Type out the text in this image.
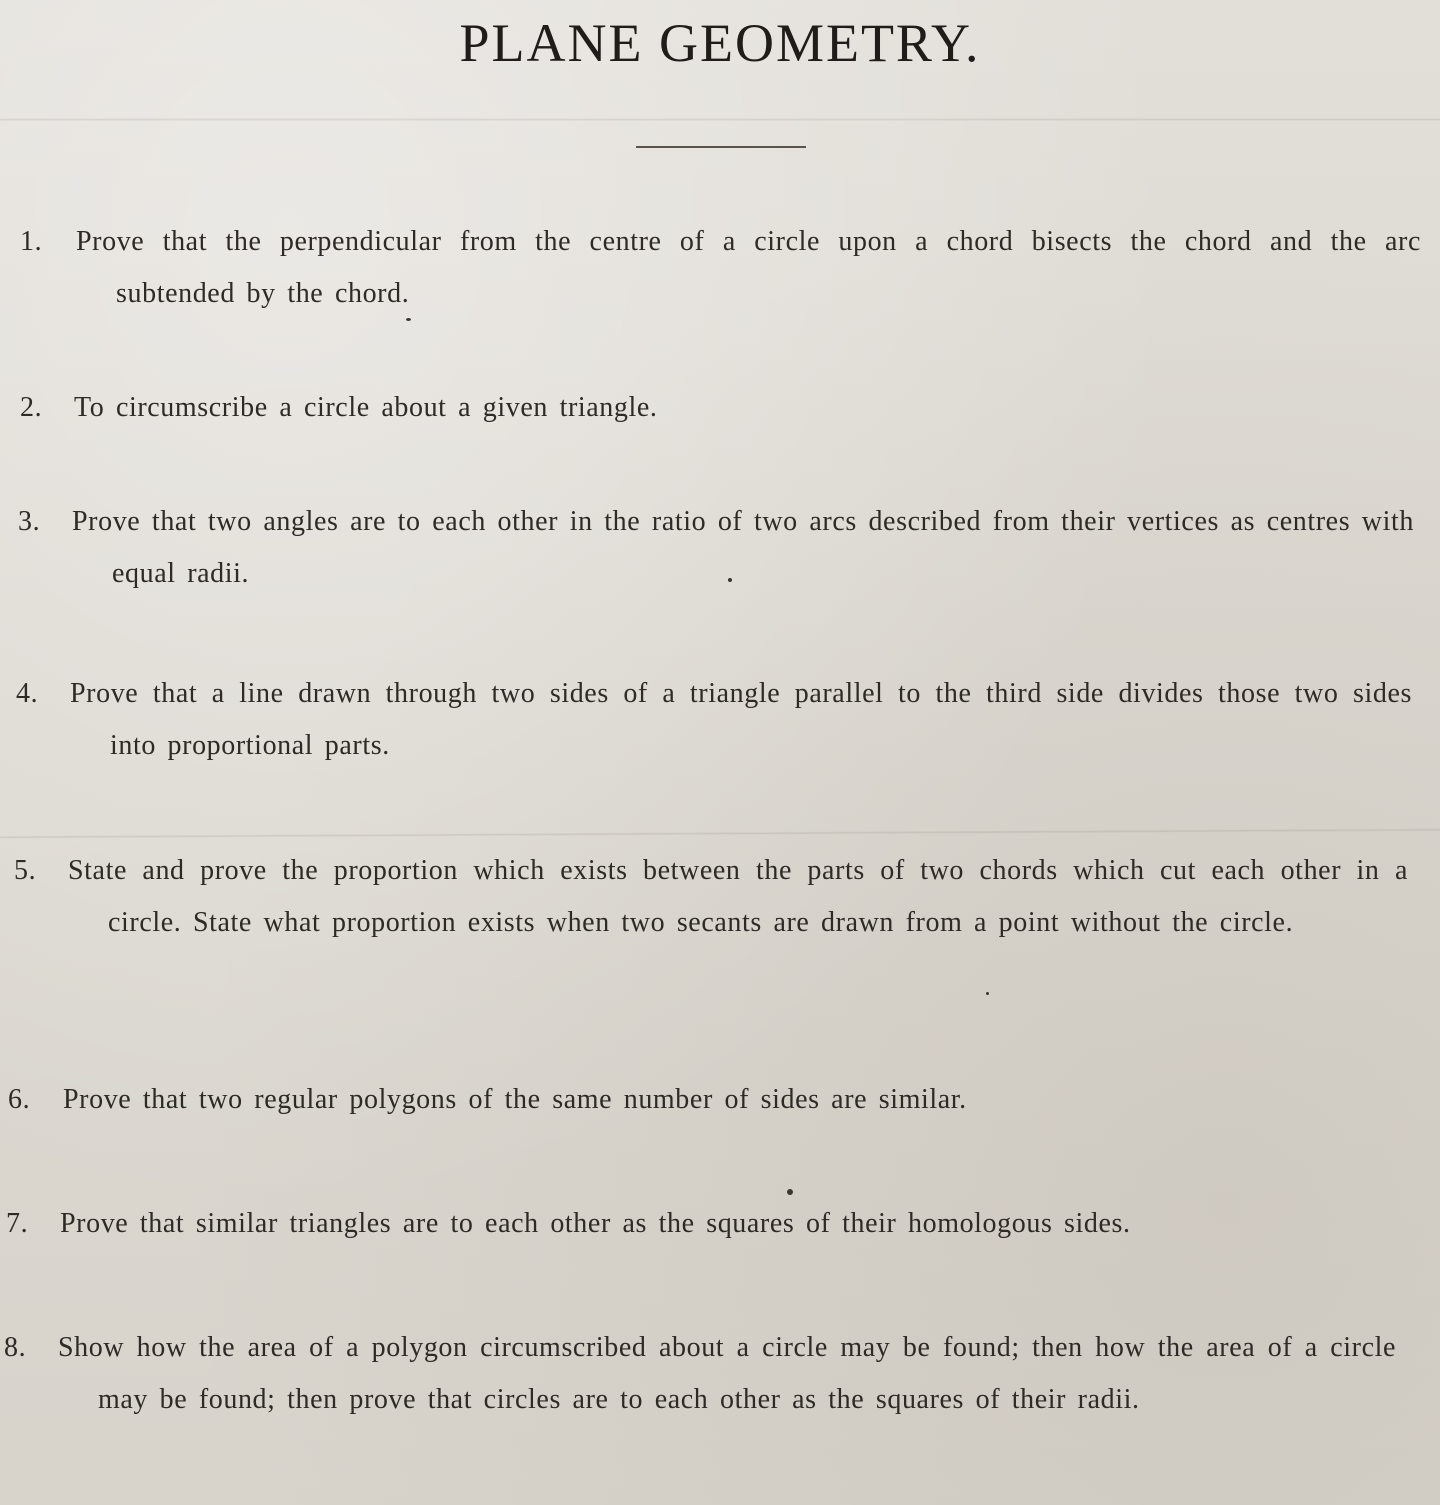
PLANE GEOMETRY.
1.	Prove that the perpendicular from the centre of a circle upon a chord bisects the chord and the arc subtended by the chord.
2.	To circumscribe a circle about a given triangle.
3.	Prove that two angles are to each other in the ratio of two arcs described from their vertices as centres with equal radii.
4.	Prove that a line drawn through two sides of a triangle parallel to the third side divides those two sides into proportional parts.
5.	State and prove the proportion which exists between the parts of two chords which cut each other in a circle. State what proportion exists when two secants are drawn from a point without the circle.
6.	Prove that two regular polygons of the same number of sides are similar.
7.	Prove that similar triangles are to each other as the squares of their homologous sides.
8.	Show how the area of a polygon circumscribed about a circle may be found; then how the area of a circle may be found; then prove that circles are to each other as the squares of their radii.
